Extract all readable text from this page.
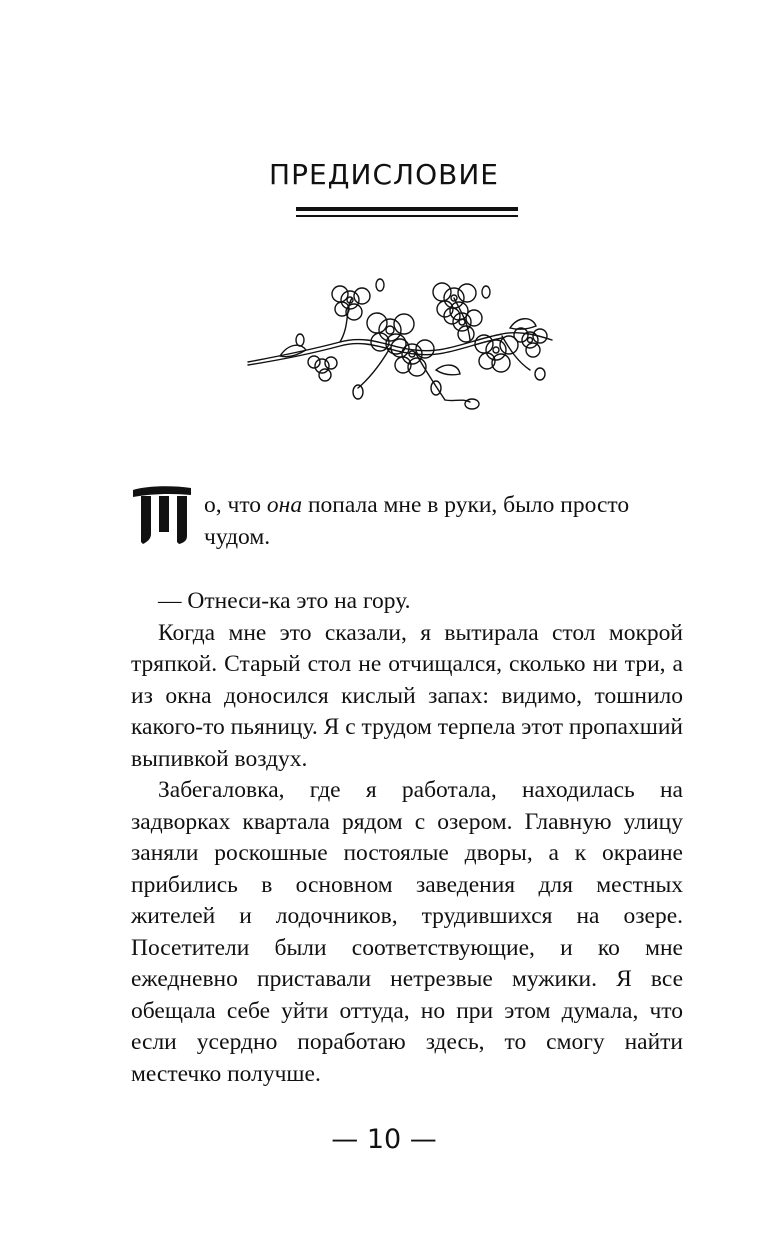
ПРЕДИСЛОВИЕ

о, что она попала мне в руки, было просто

чудом.

— Отнеси-ка это на гору.

Когда мне это сказали, я вытирала стол мокрой тряпкой. Старый стол не отчищался, сколько ни три, а из окна доносился кислый запах: видимо, тошнило какого-то пьяницу. Я с трудом терпела этот пропахший выпивкой воздух.

Забегаловка, где я работала, находилась на задворках квартала рядом с озером. Главную улицу заняли роскошные постоялые дворы, а к окраине прибились в основном заведения для местных жителей и лодочников, трудившихся на озере. Посетители были соответствующие, и ко мне ежедневно приставали нетрезвые мужики. Я все обещала себе уйти оттуда, но при этом думала, что если усердно поработаю здесь, то смогу найти местечко получше.

— 10 —
